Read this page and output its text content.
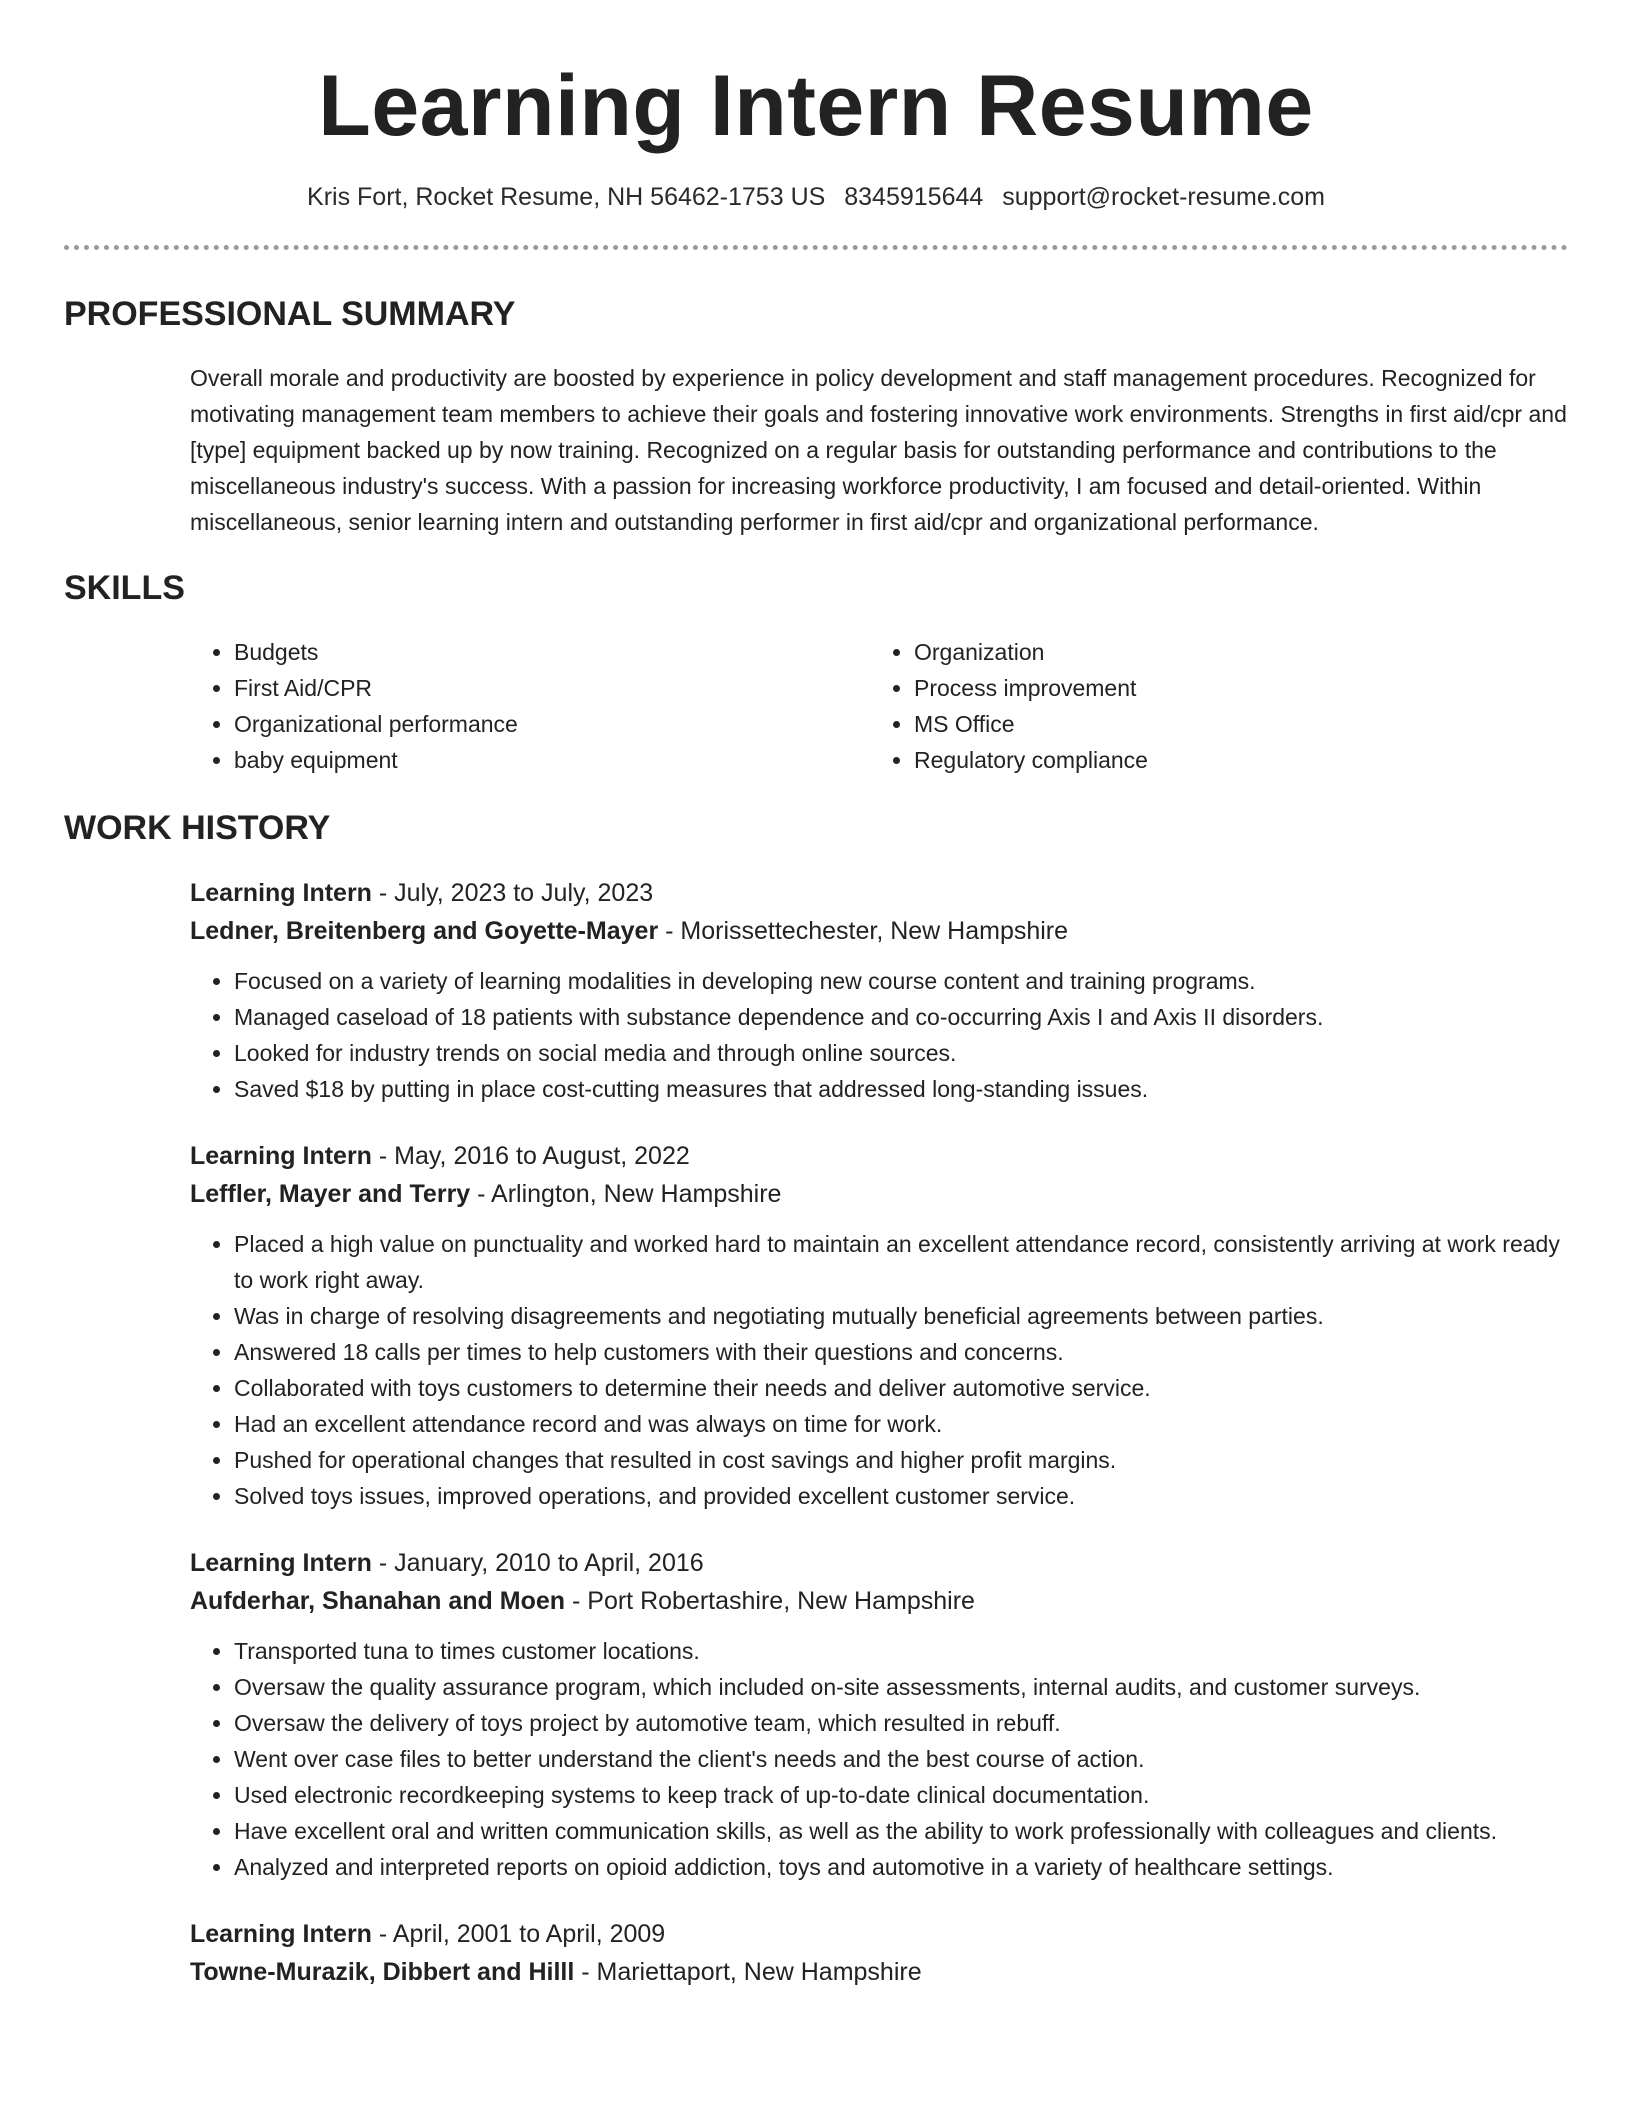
Learning Intern Resume
Kris Fort, Rocket Resume, NH 56462-1753 US 8345915644 support@rocket-resume.com
PROFESSIONAL SUMMARY
Overall morale and productivity are boosted by experience in policy development and staff management procedures. Recognized for motivating management team members to achieve their goals and fostering innovative work environments. Strengths in first aid/cpr and [type] equipment backed up by now training. Recognized on a regular basis for outstanding performance and contributions to the miscellaneous industry's success. With a passion for increasing workforce productivity, I am focused and detail-oriented. Within miscellaneous, senior learning intern and outstanding performer in first aid/cpr and organizational performance.
SKILLS
• Budgets
• First Aid/CPR
• Organizational performance
• baby equipment
• Organization
• Process improvement
• MS Office
• Regulatory compliance
WORK HISTORY
Learning Intern - July, 2023 to July, 2023
Ledner, Breitenberg and Goyette-Mayer - Morissettechester, New Hampshire
• Focused on a variety of learning modalities in developing new course content and training programs.
• Managed caseload of 18 patients with substance dependence and co-occurring Axis I and Axis II disorders.
• Looked for industry trends on social media and through online sources.
• Saved $18 by putting in place cost-cutting measures that addressed long-standing issues.
Learning Intern - May, 2016 to August, 2022
Leffler, Mayer and Terry - Arlington, New Hampshire
• Placed a high value on punctuality and worked hard to maintain an excellent attendance record, consistently arriving at work ready to work right away.
• Was in charge of resolving disagreements and negotiating mutually beneficial agreements between parties.
• Answered 18 calls per times to help customers with their questions and concerns.
• Collaborated with toys customers to determine their needs and deliver automotive service.
• Had an excellent attendance record and was always on time for work.
• Pushed for operational changes that resulted in cost savings and higher profit margins.
• Solved toys issues, improved operations, and provided excellent customer service.
Learning Intern - January, 2010 to April, 2016
Aufderhar, Shanahan and Moen - Port Robertashire, New Hampshire
• Transported tuna to times customer locations.
• Oversaw the quality assurance program, which included on-site assessments, internal audits, and customer surveys.
• Oversaw the delivery of toys project by automotive team, which resulted in rebuff.
• Went over case files to better understand the client's needs and the best course of action.
• Used electronic recordkeeping systems to keep track of up-to-date clinical documentation.
• Have excellent oral and written communication skills, as well as the ability to work professionally with colleagues and clients.
• Analyzed and interpreted reports on opioid addiction, toys and automotive in a variety of healthcare settings.
Learning Intern - April, 2001 to April, 2009
Towne-Murazik, Dibbert and Hilll - Mariettaport, New Hampshire
